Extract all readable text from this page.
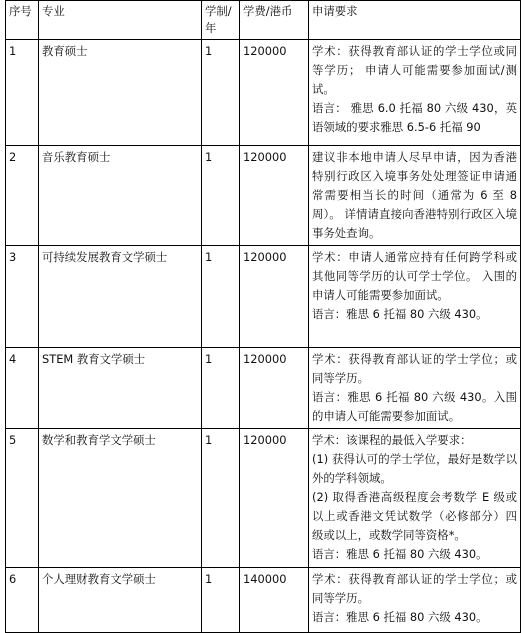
序号	专业	学制/年	学费/港币	申请要求
1	教育硕士	1	120000	学术：获得教育部认证的学士学位或同等学历； 申请人可能需要参加面试/测试。

语言： 雅思 6.0 托福 80 六级 430，英语领域的要求雅思 6.5-6 托福 90

2	音乐教育硕士	1	120000	建议非本地申请人尽早申请，因为香港特别行政区入境事务处处理签证申请通常需要相当长的时间（通常为 6 至 8 周）。 详情请直接向香港特别行政区入境事务处查询。

3	可持续发展教育文学硕士	1	120000	学术：申请人通常应持有任何跨学科或其他同等学历的认可学士学位。 入围的申请人可能需要参加面试。

语言：雅思 6 托福 80 六级 430。

4	STEM 教育文学硕士	1	120000	学术：获得教育部认证的学士学位；或同等学历。

语言：雅思 6 托福 80 六级 430。入围的申请人可能需要参加面试。

5	数学和教育学文学硕士	1	120000	学术：该课程的最低入学要求：

(1) 获得认可的学士学位，最好是数学以外的学科领域。

(2) 取得香港高级程度会考数学 E 级或以上或香港文凭试数学（必修部分）四级或以上，或数学同等资格*。

语言：雅思 6 托福 80 六级 430。

6	个人理财教育文学硕士	1	140000	学术：获得教育部认证的学士学位；或同等学历。

语言：雅思 6 托福 80 六级 430。
